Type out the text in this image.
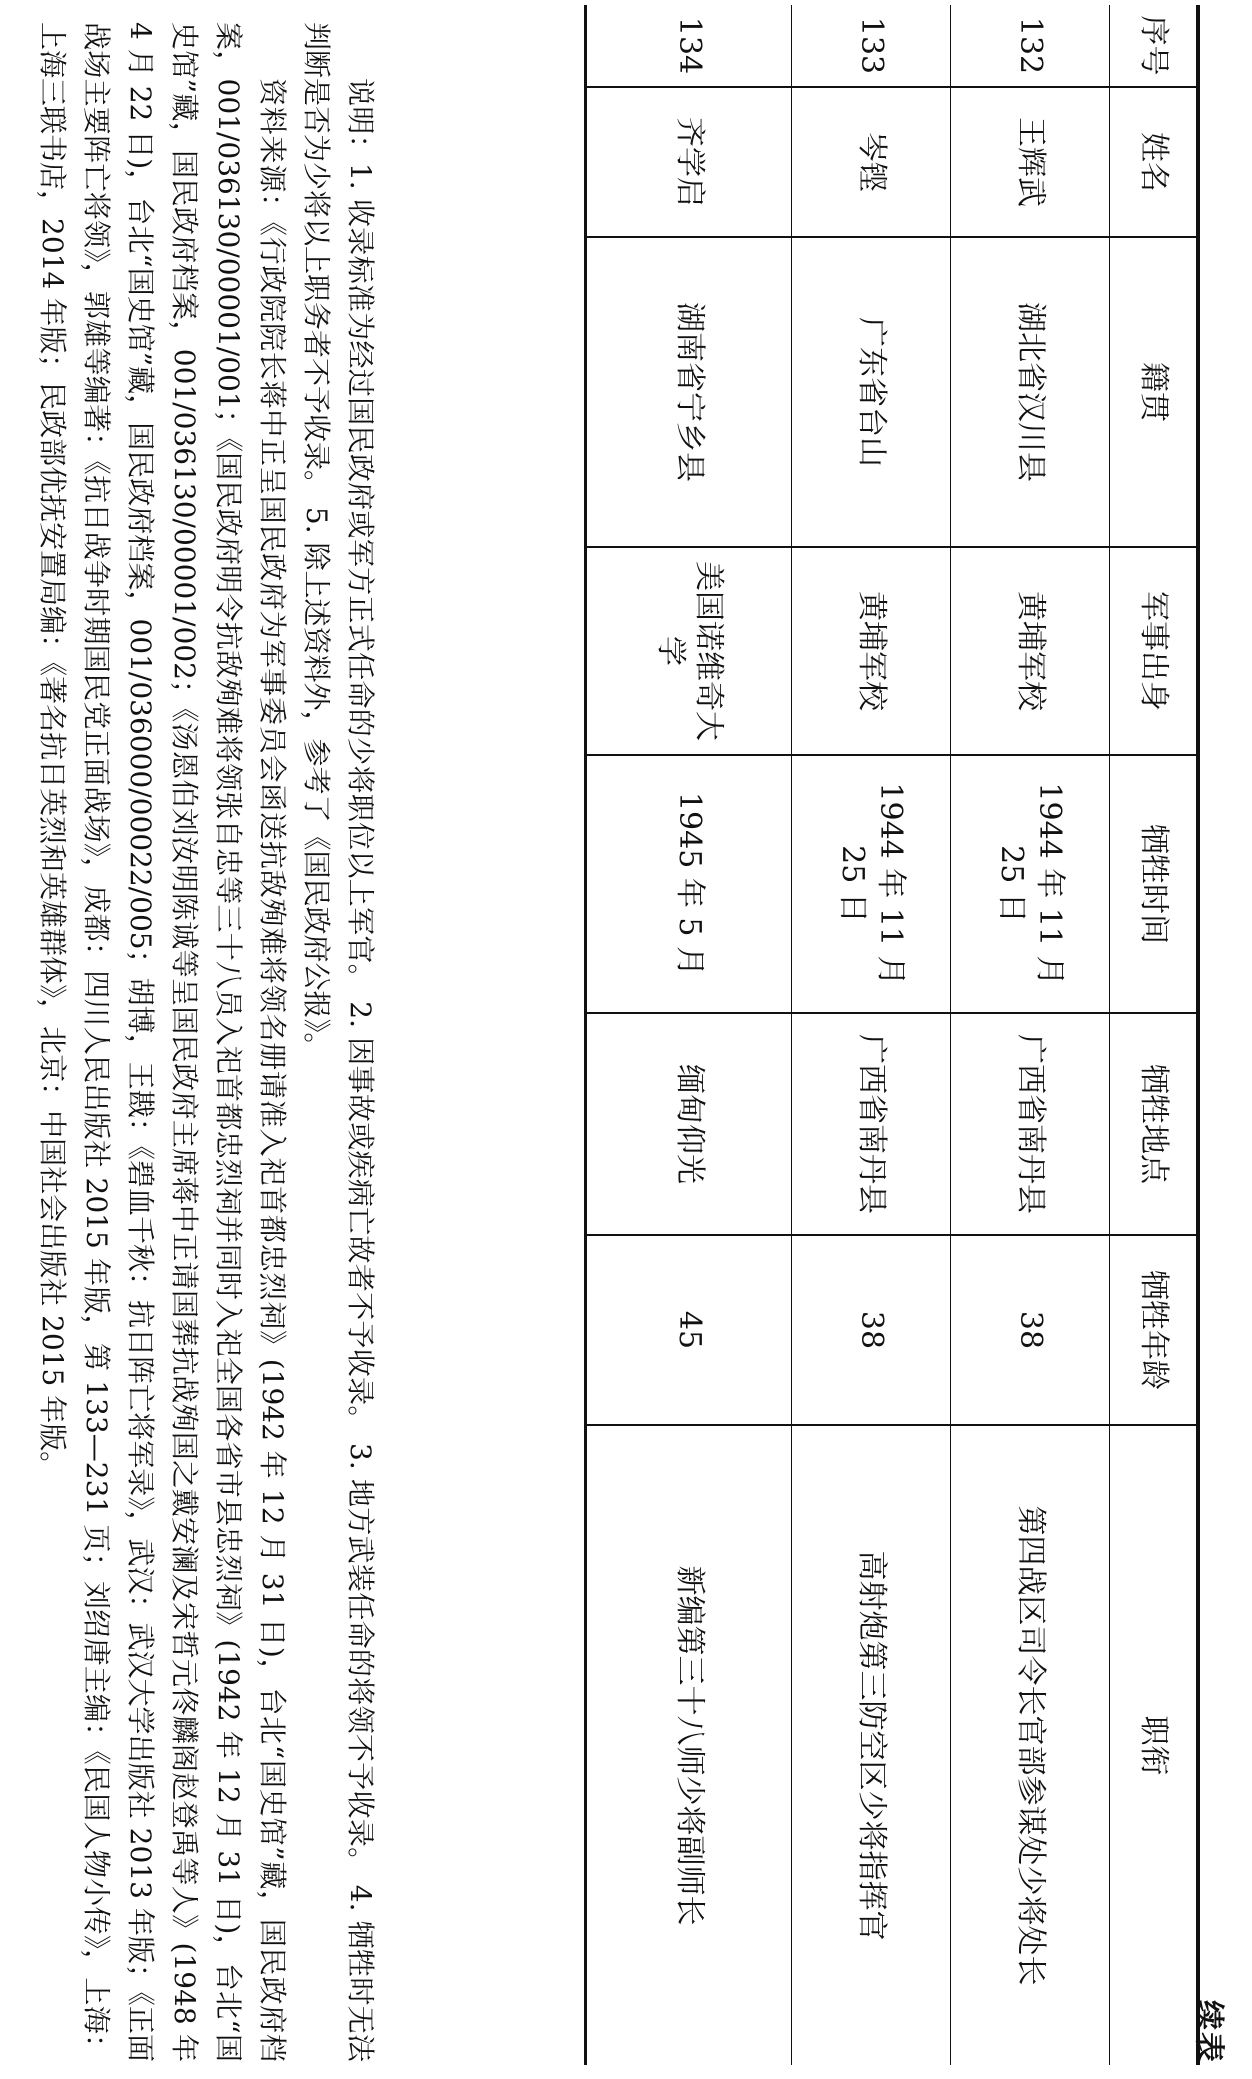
续表
序号	姓名	籍贯	军事出身	牺牲时间	牺牲地点	牺牲年龄	职衔
132	王辉武	湖北省汉川县	黄埔军校	1944 年 11 月 25 日	广西省南丹县	38	第四战区司令长官部参谋处少将处长
133	岑铿	广东省台山	黄埔军校	1944 年 11 月 25 日	广西省南丹县	38	高射炮第三防空区少将指挥官
134	齐学启	湖南省宁乡县	美国诺维奇大学	1945 年 5 月	缅甸仰光	45	新编第三十八师少将副师长

说明：1. 收录标准为经过国民政府或军方正式任命的少将职位以上军官。 2. 因事故或疾病亡故者不予收录。 3. 地方武装任命的将领不予收录。 4. 牺牲时无法判断是否为少将以上职务者不予收录。 5. 除上述资料外，参考了《国民政府公报》。

资料来源：《行政院院长蒋中正呈国民政府为军事委员会函送抗敌殉难将领名册请准入祀首都忠烈祠》(1942 年 12 月 31 日)，台北“国史馆”藏，国民政府档案，001/036130/00001/001；《国民政府明令抗敌殉难将领张自忠等三十八员入祀首都忠烈祠并同时入祀全国各省市县忠烈祠》(1942 年 12 月 31 日)，台北“国史馆”藏，国民政府档案，001/036130/00001/002；《汤恩伯刘汝明陈诚等呈国民政府主席蒋中正请国葬抗战殉国之戴安澜及宋哲元佟麟阁赵登禹等人》(1948 年 4 月 22 日)，台北“国史馆”藏，国民政府档案，001/036000/00022/005；胡博，王戡：《碧血千秋：抗日阵亡将军录》，武汉：武汉大学出版社 2013 年版；《正面战场主要阵亡将领》，郭雄等编著：《抗日战争时期国民党正面战场》，成都：四川人民出版社 2015 年版，第 133—231 页；刘绍唐主编：《民国人物小传》，上海：上海三联书店，2014 年版；民政部优抚安置局编：《著名抗日英烈和英雄群体》，北京：中国社会出版社 2015 年版。
